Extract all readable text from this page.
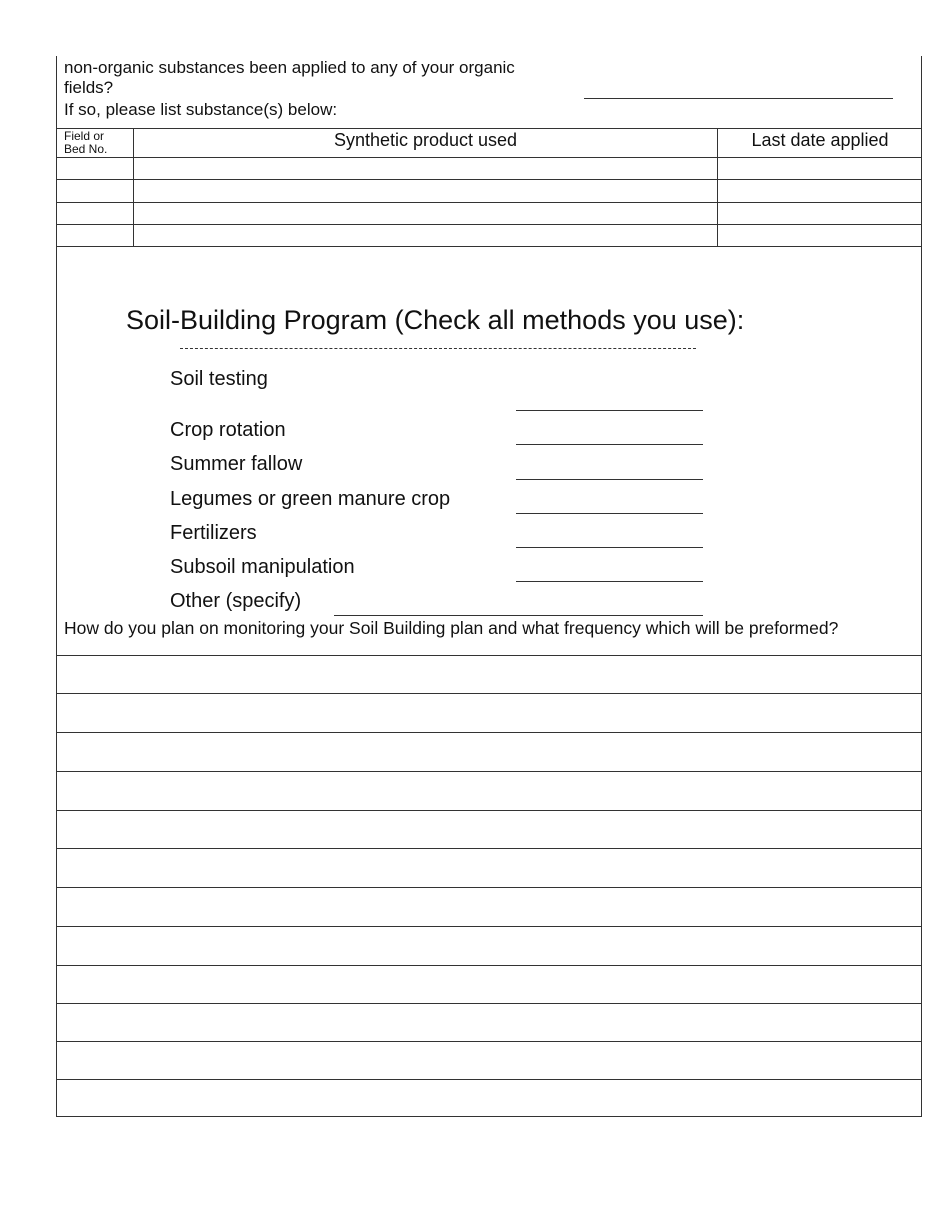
non-organic substances been applied to any of your organic
fields?
If so, please list substance(s) below:
Field or
Bed No.	Synthetic product used	Last date applied
Soil-Building Program (Check all methods you use):
Soil testing
Crop rotation
Summer fallow
Legumes or green manure crop
Fertilizers
Subsoil manipulation
Other (specify)
How do you plan on monitoring your Soil Building plan and what frequency which will be preformed?
